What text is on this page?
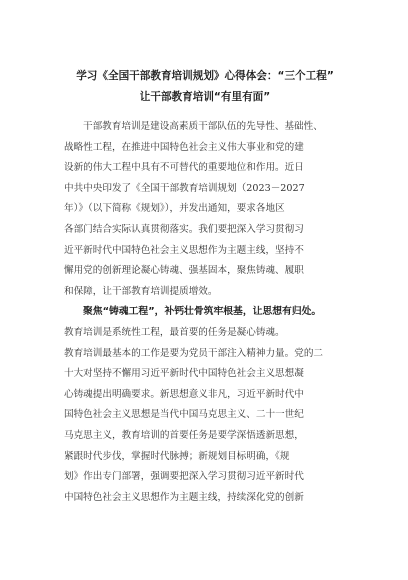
学习《全国干部教育培训规划》心得体会：“三个工程”
让干部教育培训“有里有面”

干部教育培训是建设高素质干部队伍的先导性、基础性、
战略性工程，在推进中国特色社会主义伟大事业和党的建
设新的伟大工程中具有不可替代的重要地位和作用。近日
中共中央印发了《全国干部教育培训规划（2023－2027
年）》（以下简称《规划》），并发出通知，要求各地区
各部门结合实际认真贯彻落实。我们要把深入学习贯彻习
近平新时代中国特色社会主义思想作为主题主线，坚持不
懈用党的创新理论凝心铸魂、强基固本，聚焦铸魂、履职
和保障，让干部教育培训提质增效。

聚焦“铸魂工程”，补钙壮骨筑牢根基，让思想有归处。

教育培训是系统性工程，最首要的任务是凝心铸魂。
教育培训最基本的工作是要为党员干部注入精神力量。党的二
十大对坚持不懈用习近平新时代中国特色社会主义思想凝
心铸魂提出明确要求。新思想意义非凡，习近平新时代中
国特色社会主义思想是当代中国马克思主义、二十一世纪
马克思主义，教育培训的首要任务是要学深悟透新思想，
紧跟时代步伐，掌握时代脉搏；新规划目标明确，《规
划》作出专门部署，强调要把深入学习贯彻习近平新时代
中国特色社会主义思想作为主题主线，持续深化党的创新
